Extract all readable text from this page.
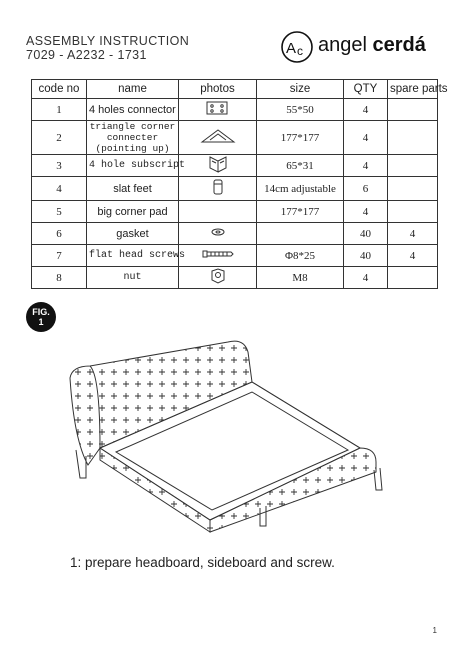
ASSEMBLY INSTRUCTION
7029 - A2232 - 1731	A c angel cerdá
code no	name	photos	size	QTY	spare parts
1	4 holes connector		55*50	4	
2	triangle corner connecter (pointing up)		177*177	4	
3	4 hole subscript		65*31	4	
4	slat feet		14cm adjustable	6	
5	big corner pad		177*177	4	
6	gasket			40	4
7	flat head screws		Φ8*25	40	4
8	nut		M8	4	
FIG.
1
1: prepare headboard, sideboard and screw.
1
